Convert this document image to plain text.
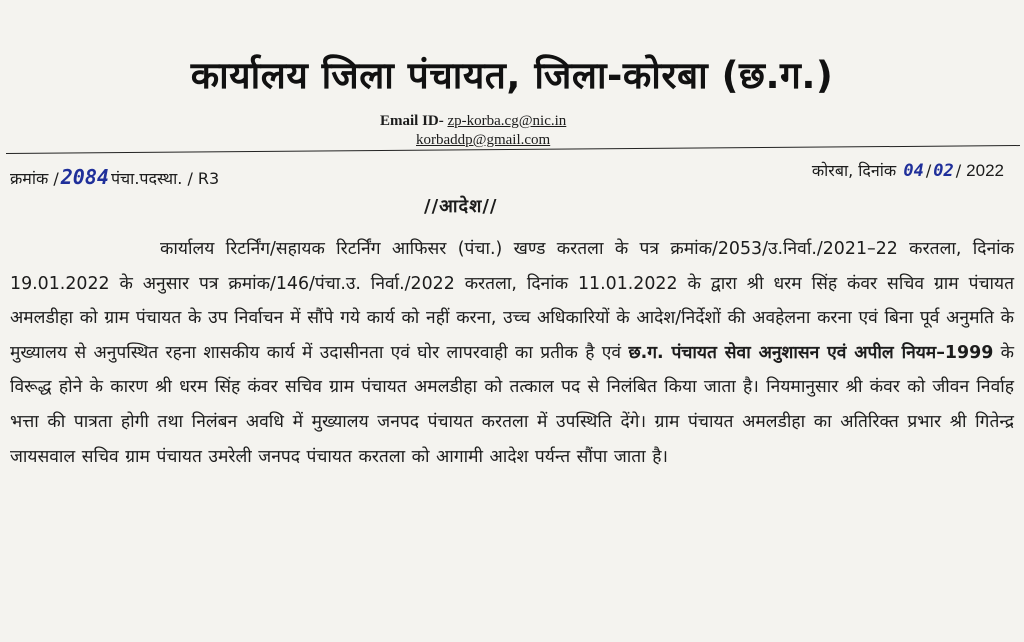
कार्यालय जिला पंचायत, जिला-कोरबा (छ.ग.)
Email ID- zp-korba.cg@nic.in
korbaddp@gmail.com
क्रमांक / 2084 पंचा.पदस्था. / R3	कोरबा, दिनांक 04 / 02 / 2022
//आदेश//
कार्यालय रिटर्निंग/सहायक रिटर्निंग आफिसर (पंचा.) खण्ड करतला के पत्र क्रमांक/2053/उ.निर्वा./2021–22 करतला, दिनांक 19.01.2022 के अनुसार पत्र क्रमांक/146/पंचा.उ. निर्वा./2022 करतला, दिनांक 11.01.2022 के द्वारा श्री धरम सिंह कंवर सचिव ग्राम पंचायत अमलडीहा को ग्राम पंचायत के उप निर्वाचन में सौंपे गये कार्य को नहीं करना, उच्च अधिकारियों के आदेश/निर्देशों की अवहेलना करना एवं बिना पूर्व अनुमति के मुख्यालय से अनुपस्थित रहना शासकीय कार्य में उदासीनता एवं घोर लापरवाही का प्रतीक है एवं छ.ग. पंचायत सेवा अनुशासन एवं अपील नियम–1999 के विरूद्ध होने के कारण श्री धरम सिंह कंवर सचिव ग्राम पंचायत अमलडीहा को तत्काल पद से निलंबित किया जाता है। नियमानुसार श्री कंवर को जीवन निर्वाह भत्ता की पात्रता होगी तथा निलंबन अवधि में मुख्यालय जनपद पंचायत करतला में उपस्थिति देंगे। ग्राम पंचायत अमलडीहा का अतिरिक्त प्रभार श्री गितेन्द्र जायसवाल सचिव ग्राम पंचायत उमरेली जनपद पंचायत करतला को आगामी आदेश पर्यन्त सौंपा जाता है।
